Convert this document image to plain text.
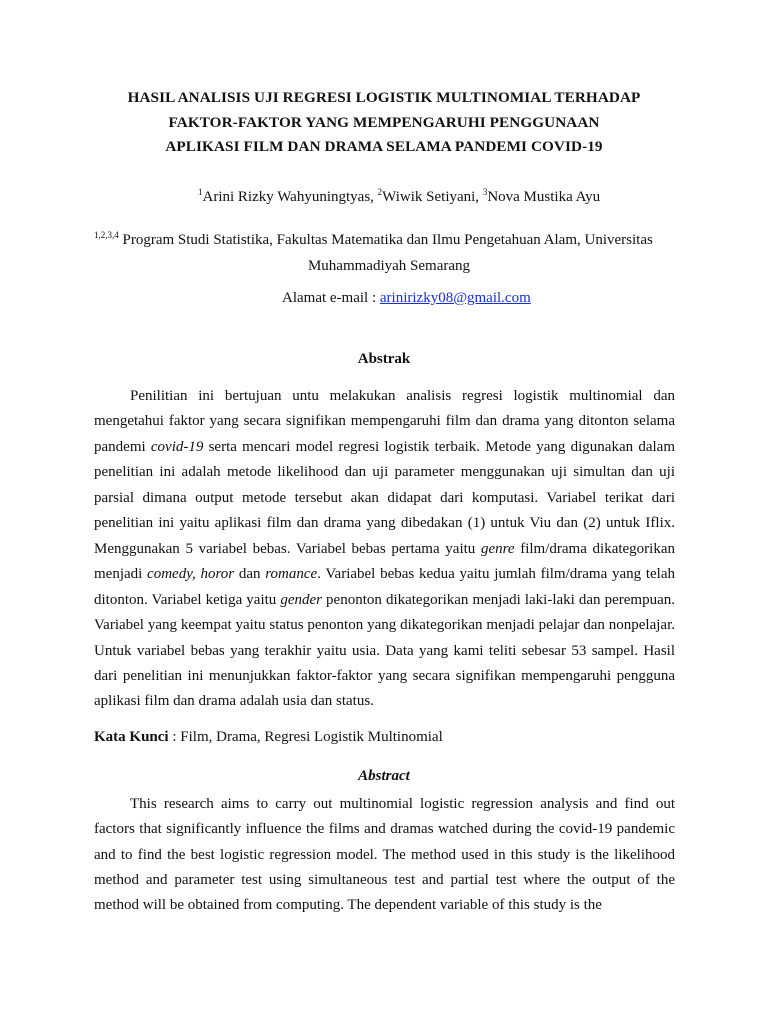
HASIL ANALISIS UJI REGRESI LOGISTIK MULTINOMIAL TERHADAP
FAKTOR-FAKTOR YANG MEMPENGARUHI PENGGUNAAN
APLIKASI FILM DAN DRAMA SELAMA PANDEMI COVID-19
$^1$Arini Rizky Wahyuningtyas, $^2$Wiwik Setiyani, $^3$Nova Mustika Ayu
$^{1,2,3,4}$ Program Studi Statistika, Fakultas Matematika dan Ilmu Pengetahuan Alam, Universitas
Muhammadiyah Semarang
Alamat e-mail : arinirizky08@gmail.com
Abstrak

Penilitian ini bertujuan untu melakukan analisis regresi logistik multinomial dan mengetahui faktor yang secara signifikan mempengaruhi film dan drama yang ditonton selama pandemi covid-19 serta mencari model regresi logistik terbaik. Metode yang digunakan dalam penelitian ini adalah metode likelihood dan uji parameter menggunakan uji simultan dan uji parsial dimana output metode tersebut akan didapat dari komputasi. Variabel terikat dari penelitian ini yaitu aplikasi film dan drama yang dibedakan (1) untuk Viu dan (2) untuk Iflix. Menggunakan 5 variabel bebas. Variabel bebas pertama yaitu genre film/drama dikategorikan menjadi comedy, horor dan romance. Variabel bebas kedua yaitu jumlah film/drama yang telah ditonton. Variabel ketiga yaitu gender penonton dikategorikan menjadi laki-laki dan perempuan. Variabel yang keempat yaitu status penonton yang dikategorikan menjadi pelajar dan nonpelajar. Untuk variabel bebas yang terakhir yaitu usia. Data yang kami teliti sebesar 53 sampel. Hasil dari penelitian ini menunjukkan faktor-faktor yang secara signifikan mempengaruhi pengguna aplikasi film dan drama adalah usia dan status.

Kata Kunci : Film, Drama, Regresi Logistik Multinomial
Abstract

This research aims to carry out multinomial logistic regression analysis and find out factors that significantly influence the films and dramas watched during the covid-19 pandemic and to find the best logistic regression model. The method used in this study is the likelihood method and parameter test using simultaneous test and partial test where the output of the method will be obtained from computing. The dependent variable of this study is the
